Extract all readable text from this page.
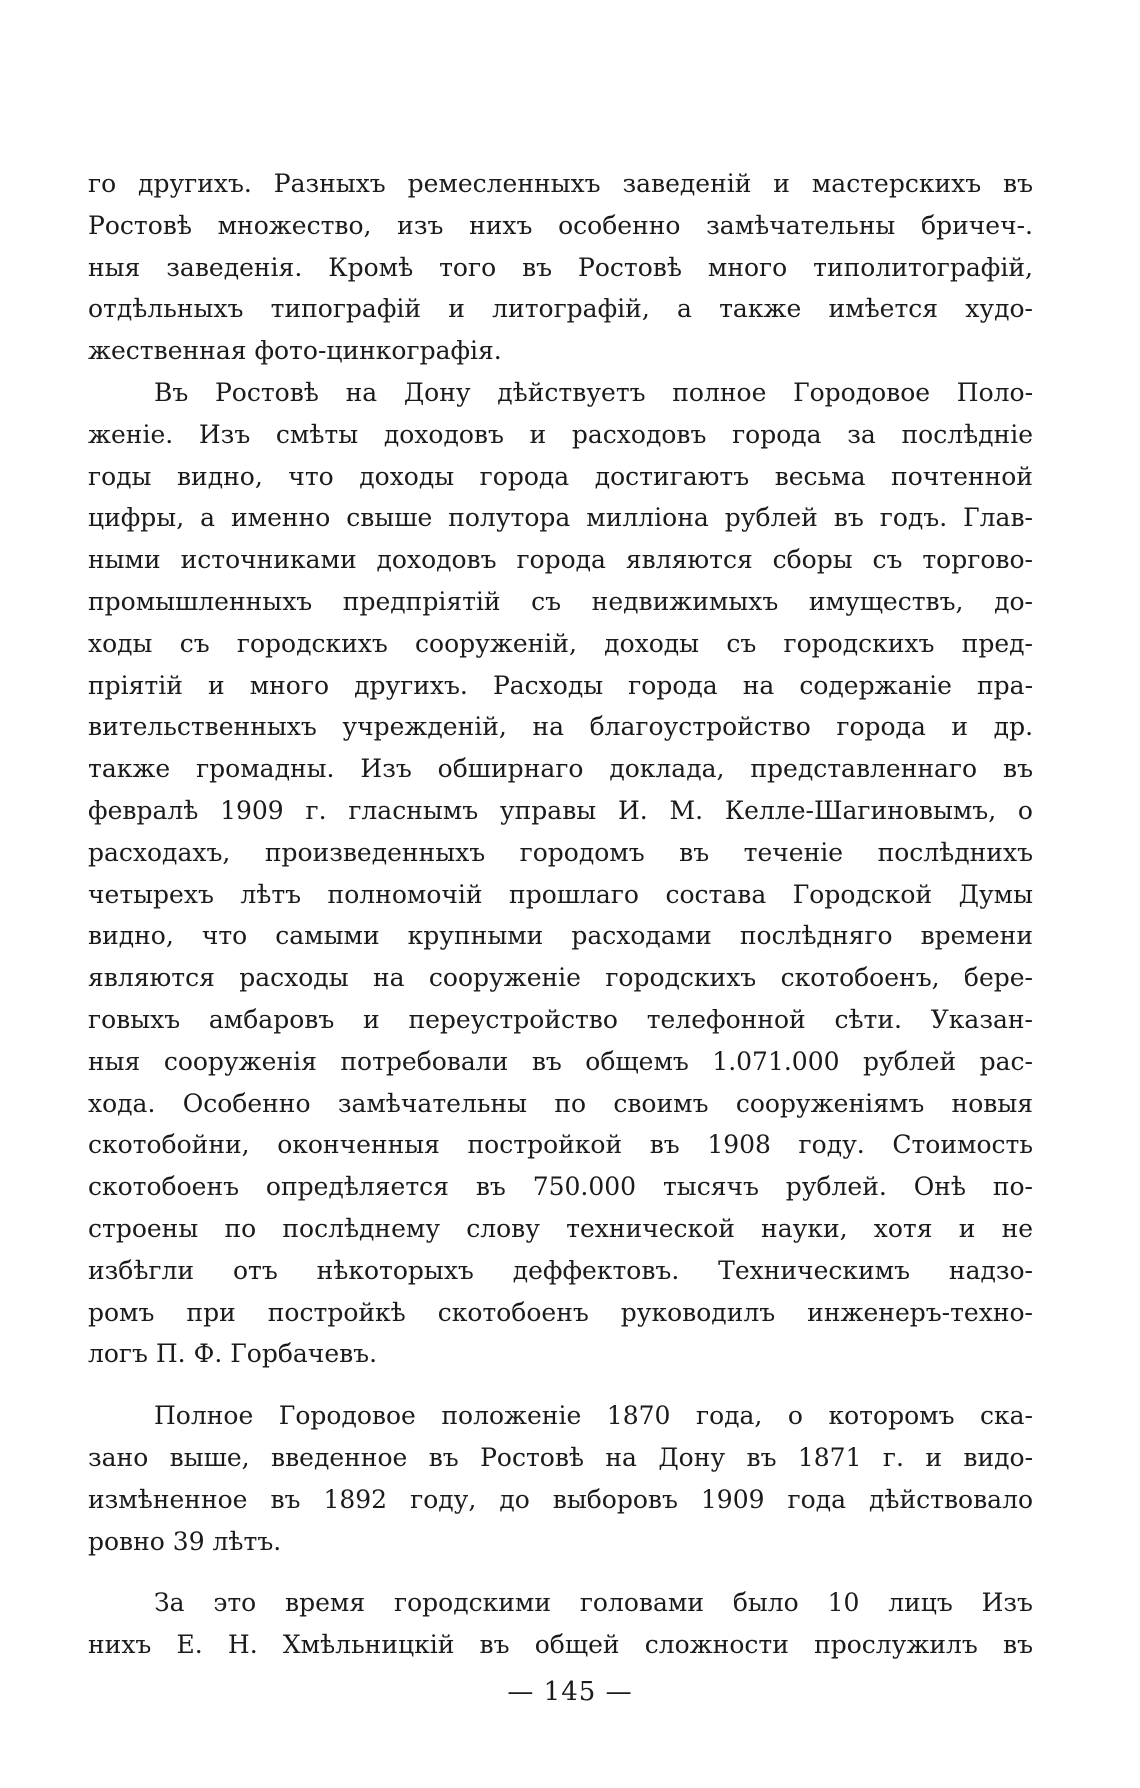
го другихъ. Разныхъ ремесленныхъ заведеній и мастерскихъ въ
Ростовѣ множество, изъ нихъ особенно замѣчательны бричеч-.
ныя заведенія. Кромѣ того въ Ростовѣ много типолитографій,
отдѣльныхъ типографій и литографій, а также имѣется худо-
жественная фото-цинкографія.
Въ Ростовѣ на Дону дѣйствуетъ полное Городовое Поло-
женіе. Изъ смѣты доходовъ и расходовъ города за послѣдніе
годы видно, что доходы города достигаютъ весьма почтенной
цифры, а именно свыше полутора милліона рублей въ годъ. Глав-
ными источниками доходовъ города являются сборы съ торгово-
промышленныхъ предпріятій съ недвижимыхъ имуществъ, до-
ходы съ городскихъ сооруженій, доходы съ городскихъ пред-
пріятій и много другихъ. Расходы города на содержаніе пра-
вительственныхъ учрежденій, на благоустройство города и др.
также громадны. Изъ обширнаго доклада, представленнаго въ
февралѣ 1909 г. гласнымъ управы И. М. Келле-Шагиновымъ, о
расходахъ, произведенныхъ городомъ въ теченіе послѣднихъ
четырехъ лѣтъ полномочій прошлаго состава Городской Думы
видно, что самыми крупными расходами послѣдняго времени
являются расходы на сооруженіе городскихъ скотобоенъ, бере-
говыхъ амбаровъ и переустройство телефонной сѣти. Указан-
ныя сооруженія потребовали въ общемъ 1.071.000 рублей рас-
хода. Особенно замѣчательны по своимъ сооруженіямъ новыя
скотобойни, оконченныя постройкой въ 1908 году. Стоимость
скотобоенъ опредѣляется въ 750.000 тысячъ рублей. Онѣ по-
строены по послѣднему слову технической науки, хотя и не
избѣгли отъ нѣкоторыхъ деффектовъ. Техническимъ надзо-
ромъ при постройкѣ скотобоенъ руководилъ инженеръ-техно-
логъ П. Ф. Горбачевъ.
Полное Городовое положеніе 1870 года, о которомъ ска-
зано выше, введенное въ Ростовѣ на Дону въ 1871 г. и видо-
измѣненное въ 1892 году, до выборовъ 1909 года дѣйствовало
ровно 39 лѣтъ.
За это время городскими головами было 10 лицъ Изъ
нихъ Е. Н. Хмѣльницкій въ общей сложности прослужилъ въ
— 145 —
